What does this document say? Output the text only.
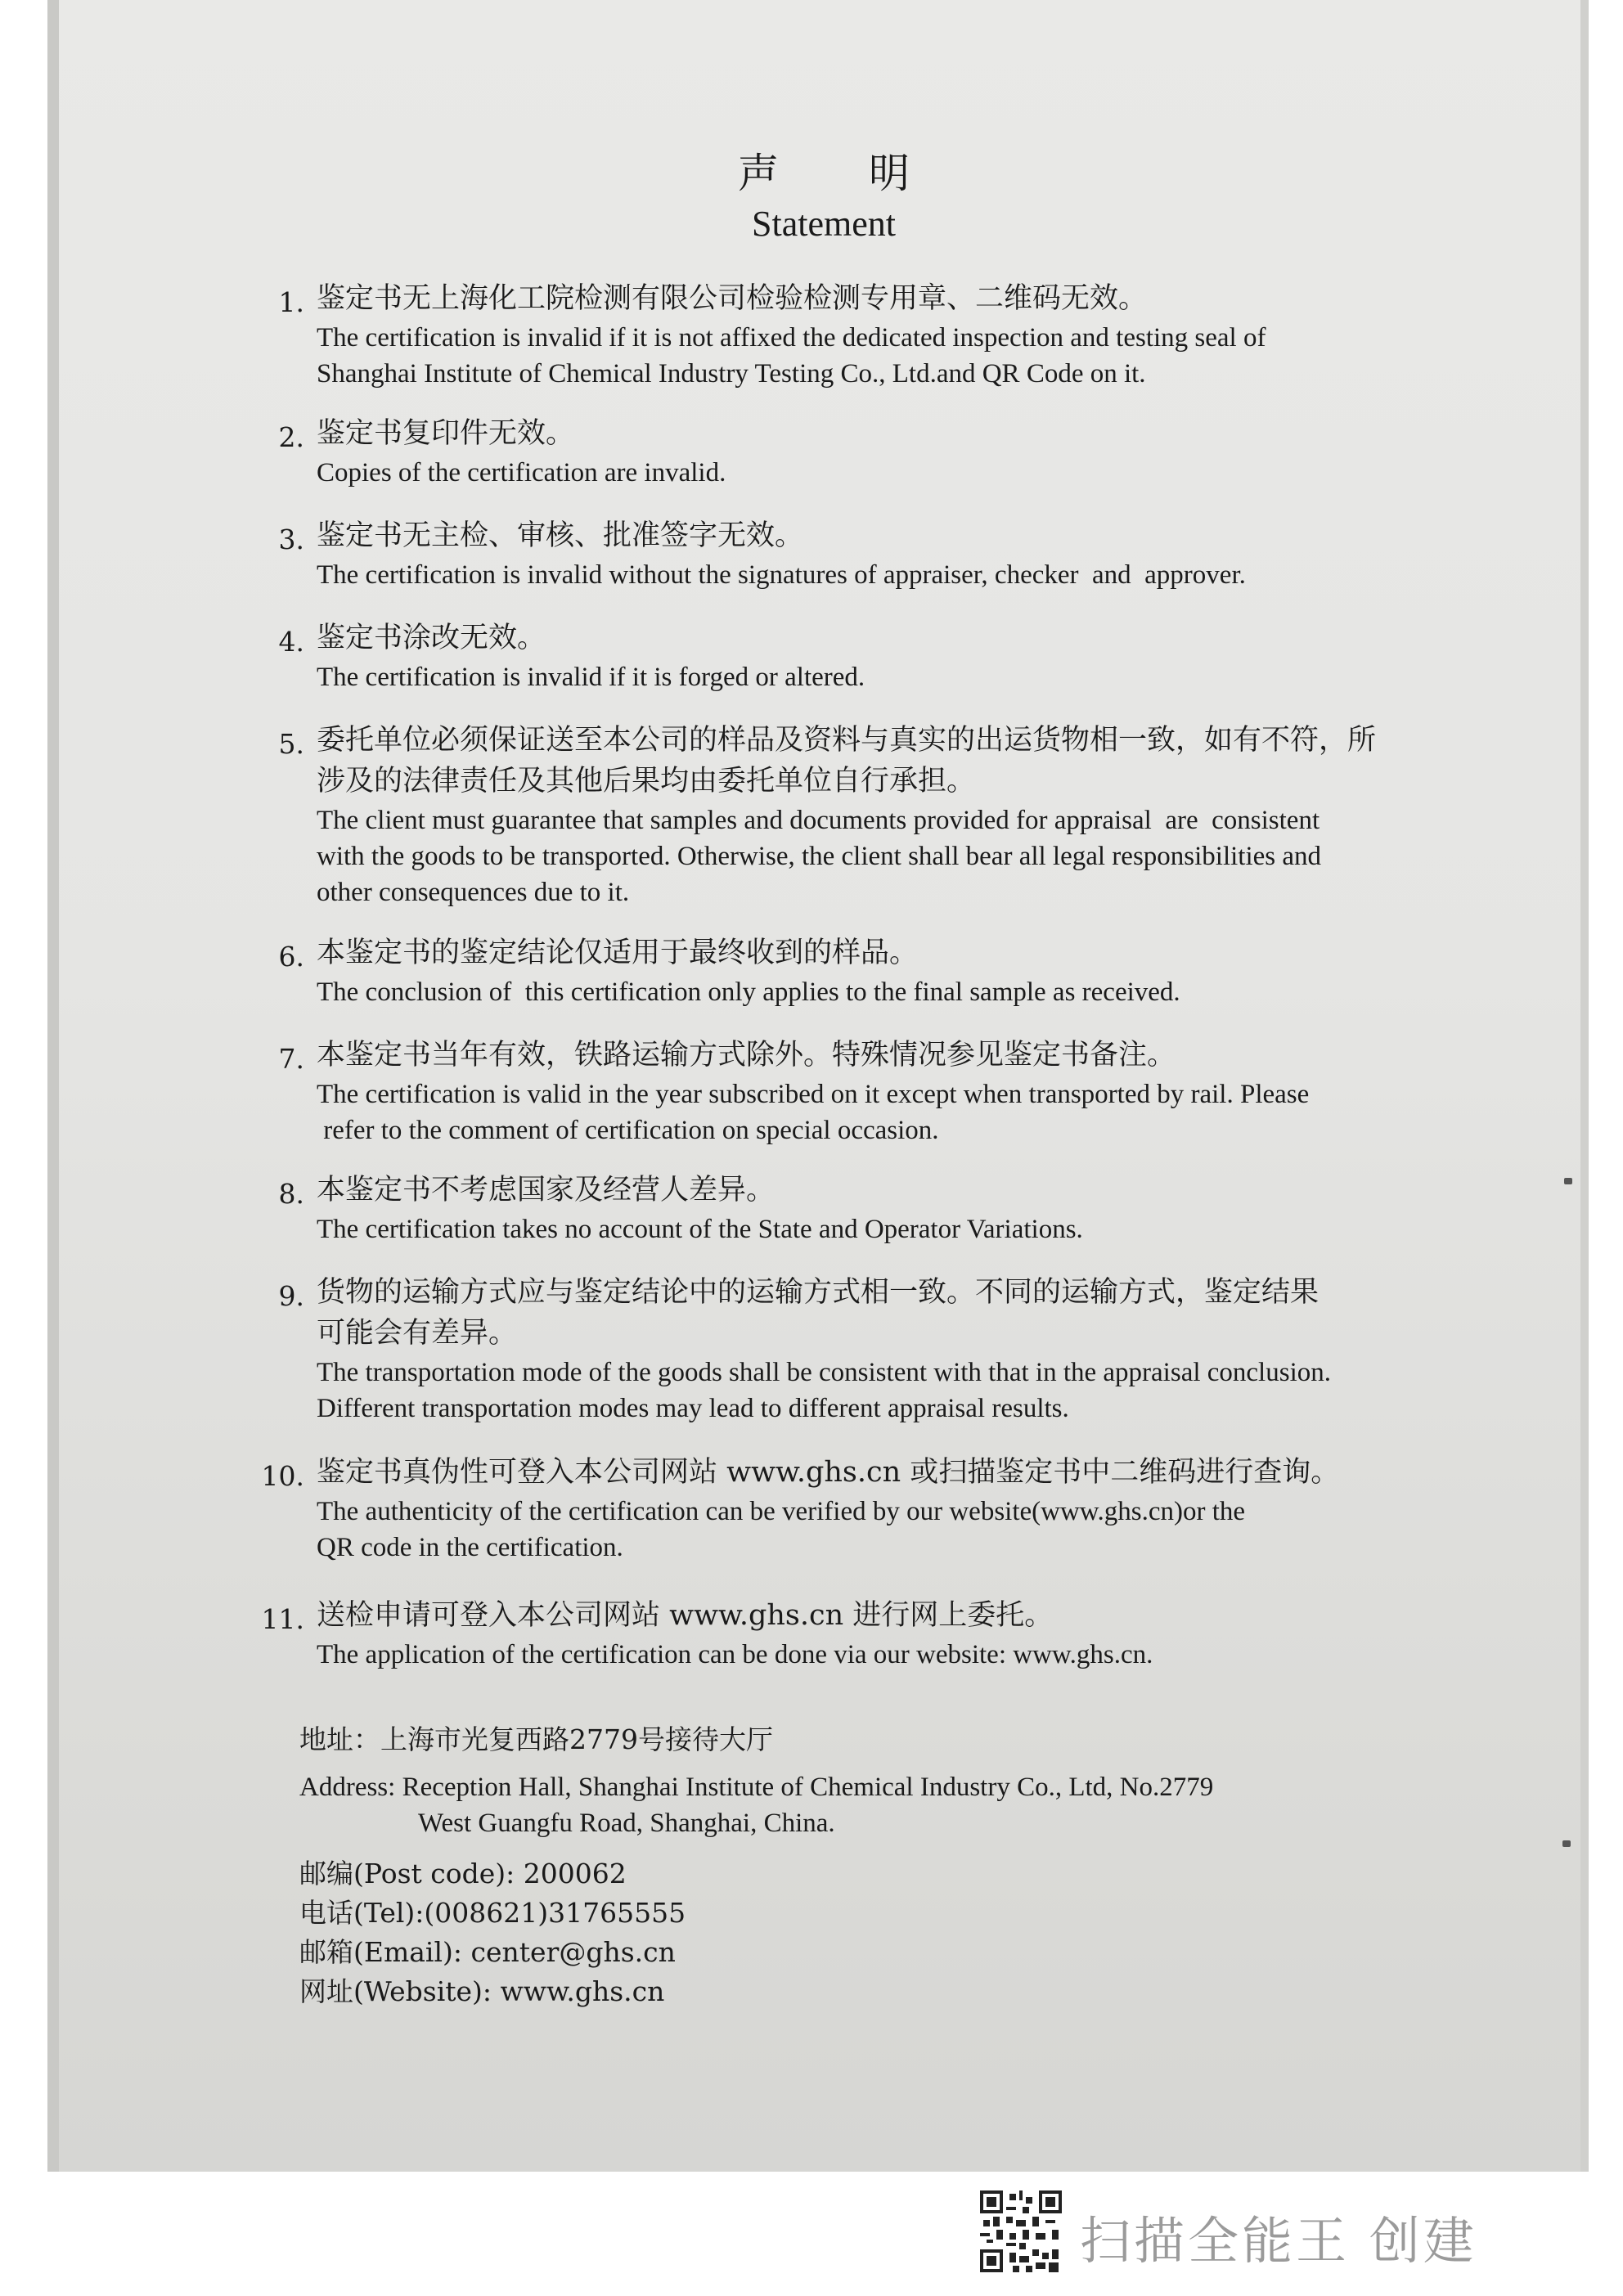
声明
Statement
1. 鉴定书无上海化工院检测有限公司检验检测专用章、二维码无效。

The certification is invalid if it is not affixed the dedicated inspection and testing seal of

Shanghai Institute of Chemical Industry Testing Co., Ltd.and QR Code on it.

2. 鉴定书复印件无效。

Copies of the certification are invalid.

3. 鉴定书无主检、审核、批准签字无效。

The certification is invalid without the signatures of appraiser, checker  and  approver.

4. 鉴定书涂改无效。

The certification is invalid if it is forged or altered.

5. 委托单位必须保证送至本公司的样品及资料与真实的出运货物相一致，如有不符，所

涉及的法律责任及其他后果均由委托单位自行承担。

The client must guarantee that samples and documents provided for appraisal  are  consistent

with the goods to be transported. Otherwise, the client shall bear all legal responsibilities and

other consequences due to it.

6. 本鉴定书的鉴定结论仅适用于最终收到的样品。

The conclusion of  this certification only applies to the final sample as received.

7. 本鉴定书当年有效，铁路运输方式除外。特殊情况参见鉴定书备注。

The certification is valid in the year subscribed on it except when transported by rail. Please

refer to the comment of certification on special occasion.

8. 本鉴定书不考虑国家及经营人差异。

The certification takes no account of the State and Operator Variations.

9. 货物的运输方式应与鉴定结论中的运输方式相一致。不同的运输方式，鉴定结果

可能会有差异。

The transportation mode of the goods shall be consistent with that in the appraisal conclusion.

Different transportation modes may lead to different appraisal results.

10. 鉴定书真伪性可登入本公司网站 www.ghs.cn 或扫描鉴定书中二维码进行查询。

The authenticity of the certification can be verified by our website(www.ghs.cn)or the

QR code in the certification.

11. 送检申请可登入本公司网站 www.ghs.cn 进行网上委托。

The application of the certification can be done via our website: www.ghs.cn.

地址：上海市光复西路2779号接待大厅
Address: Reception Hall, Shanghai Institute of Chemical Industry Co., Ltd, No.2779
West Guangfu Road, Shanghai, China.
邮编(Post code): 200062
电话(Tel):(008621)31765555
邮箱(Email): center@ghs.cn
网址(Website): www.ghs.cn
扫描全能王 创建
